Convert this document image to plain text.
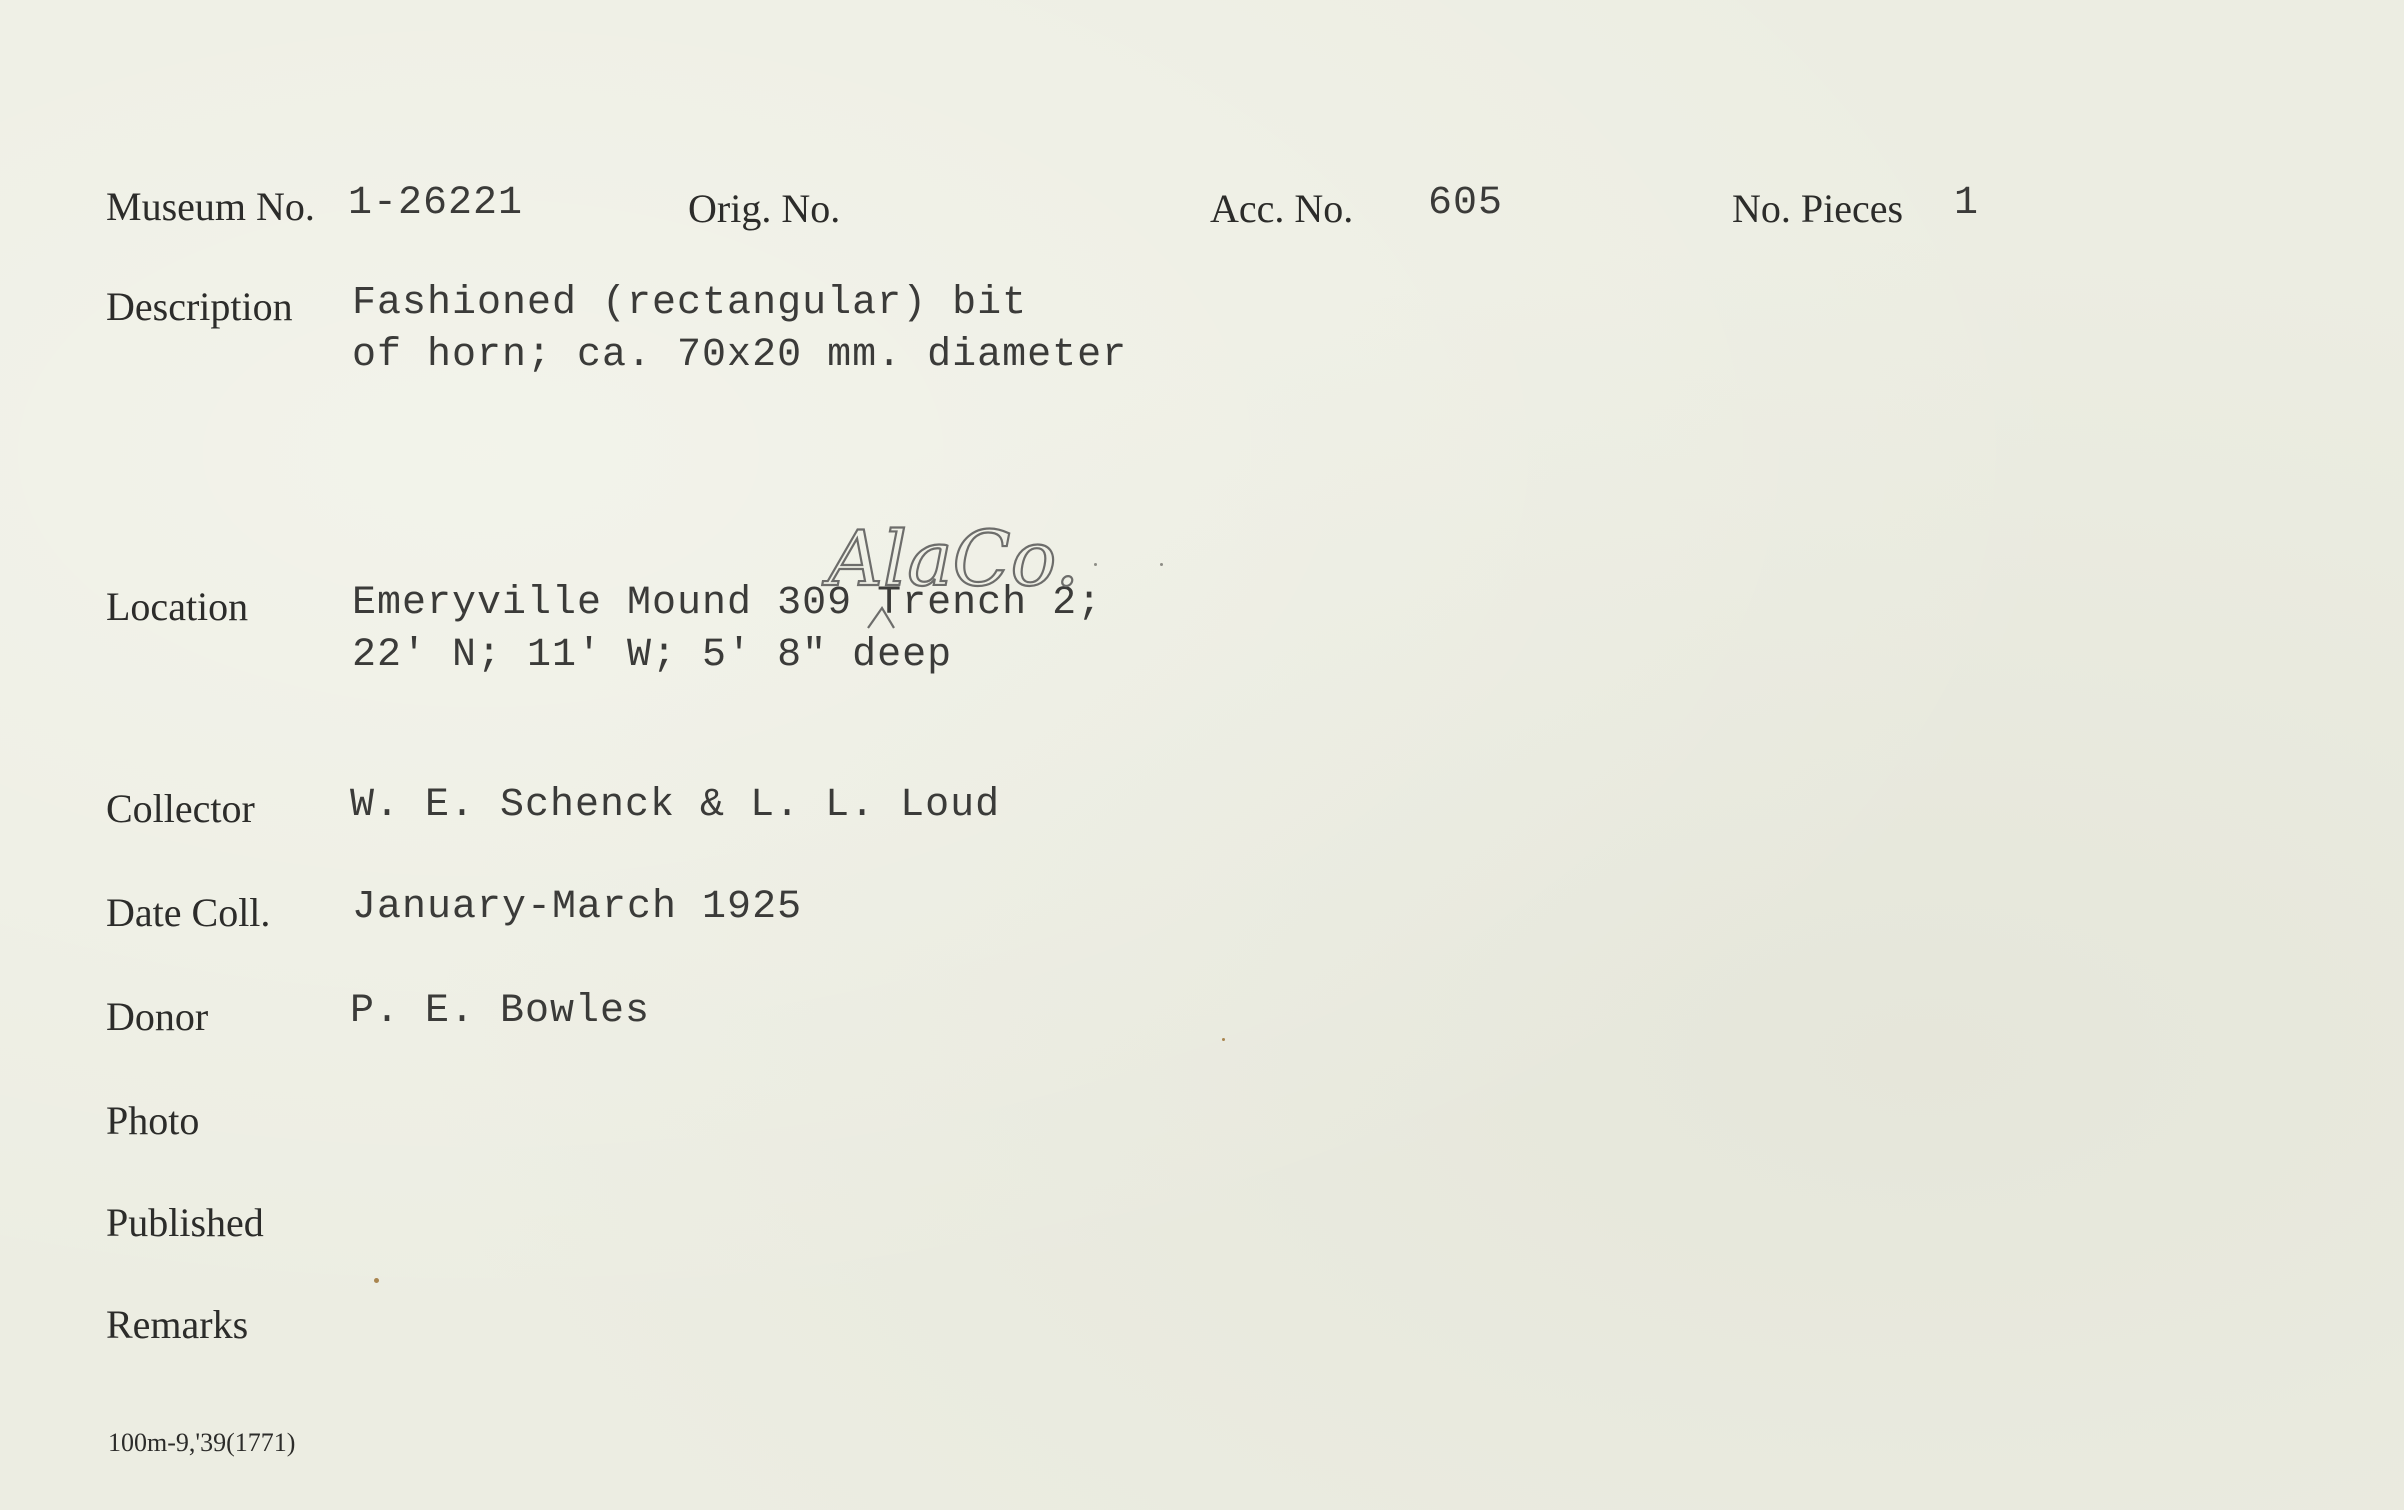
Museum No. 1-26221	Orig. No.	Acc. No. 605	No. Pieces 1
Description Fashioned (rectangular) bit
of horn; ca. 70x20 mm. diameter
Location	Emeryville Mound 309 Trench 2;
22' N; 11' W; 5' 8" deep
AlaCo.
Collector W. E. Schenck & L. L. Loud
Date Coll. January-March 1925
Donor	P. E. Bowles
Photo
Published
Remarks
100m-9,'39(1771)
